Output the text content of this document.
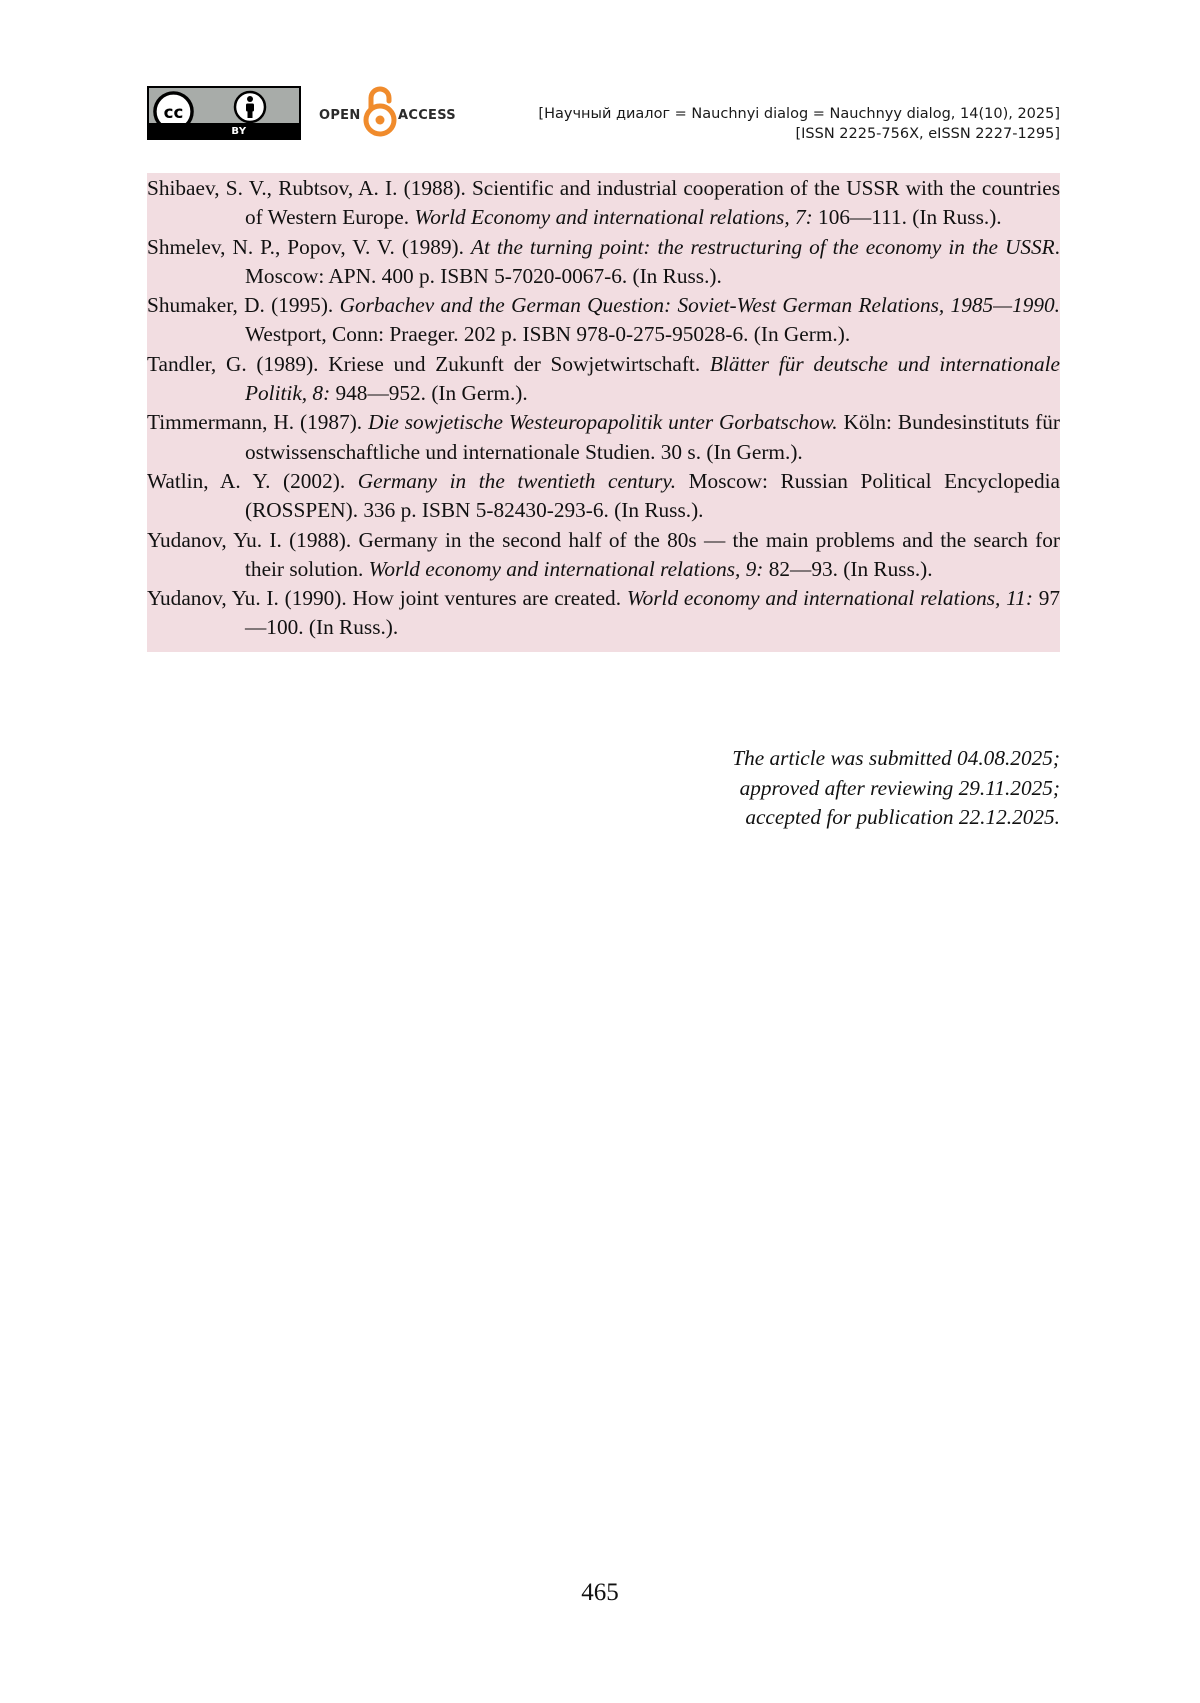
cc
BY
OPEN	ACCESS	[Научный диалог = Nauchnyi dialog = Nauchnyy dialog, 14(10), 2025]
[ISSN 2225-756X, eISSN 2227-1295]
Shibaev, S. V., Rubtsov, A. I. (1988). Scientific and industrial cooperation of the USSR with the countries of Western Europe. World Economy and international relations, 7: 106—111. (In Russ.).
Shmelev, N. P., Popov, V. V. (1989). At the turning point: the restructuring of the economy in the USSR. Moscow: APN. 400 p. ISBN 5-7020-0067-6. (In Russ.).
Shumaker, D. (1995). Gorbachev and the German Question: Soviet-West German Relations, 1985—1990. Westport, Conn: Praeger. 202 p. ISBN 978-0-275-95028-6. (In Germ.).
Tandler, G. (1989). Kriese und Zukunft der Sowjetwirtschaft. Blätter für deutsche und internationale Politik, 8: 948—952. (In Germ.).
Timmermann, H. (1987). Die sowjetische Westeuropapolitik unter Gorbatschow. Köln: Bundesinstituts für ostwissenschaftliche und internationale Studien. 30 s. (In Germ.).
Watlin, A. Y. (2002). Germany in the twentieth century. Moscow: Russian Political Encyclopedia (ROSSPEN). 336 p. ISBN 5-82430-293-6. (In Russ.).
Yudanov, Yu. I. (1988). Germany in the second half of the 80s — the main problems and the search for their solution. World economy and international relations, 9: 82—93. (In Russ.).
Yudanov, Yu. I. (1990). How joint ventures are created. World economy and international relations, 11: 97—100. (In Russ.).
The article was submitted 04.08.2025;
approved after reviewing 29.11.2025;
accepted for publication 22.12.2025.
465
